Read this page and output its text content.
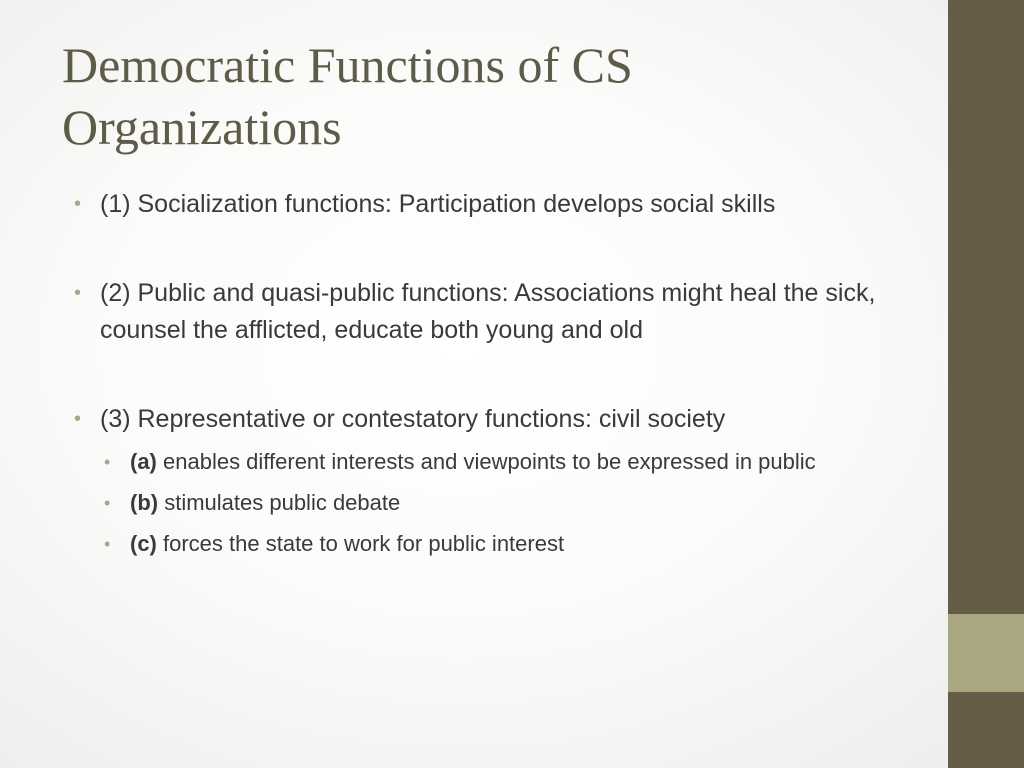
Democratic Functions of CS Organizations
• (1) Socialization functions: Participation develops social skills
• (2) Public and quasi-public functions: Associations might heal the sick, counsel the afflicted, educate both young and old
• (3) Representative or contestatory functions: civil society
• (a) enables different interests and viewpoints to be expressed in public
• (b) stimulates public debate
• (c) forces the state to work for public interest
